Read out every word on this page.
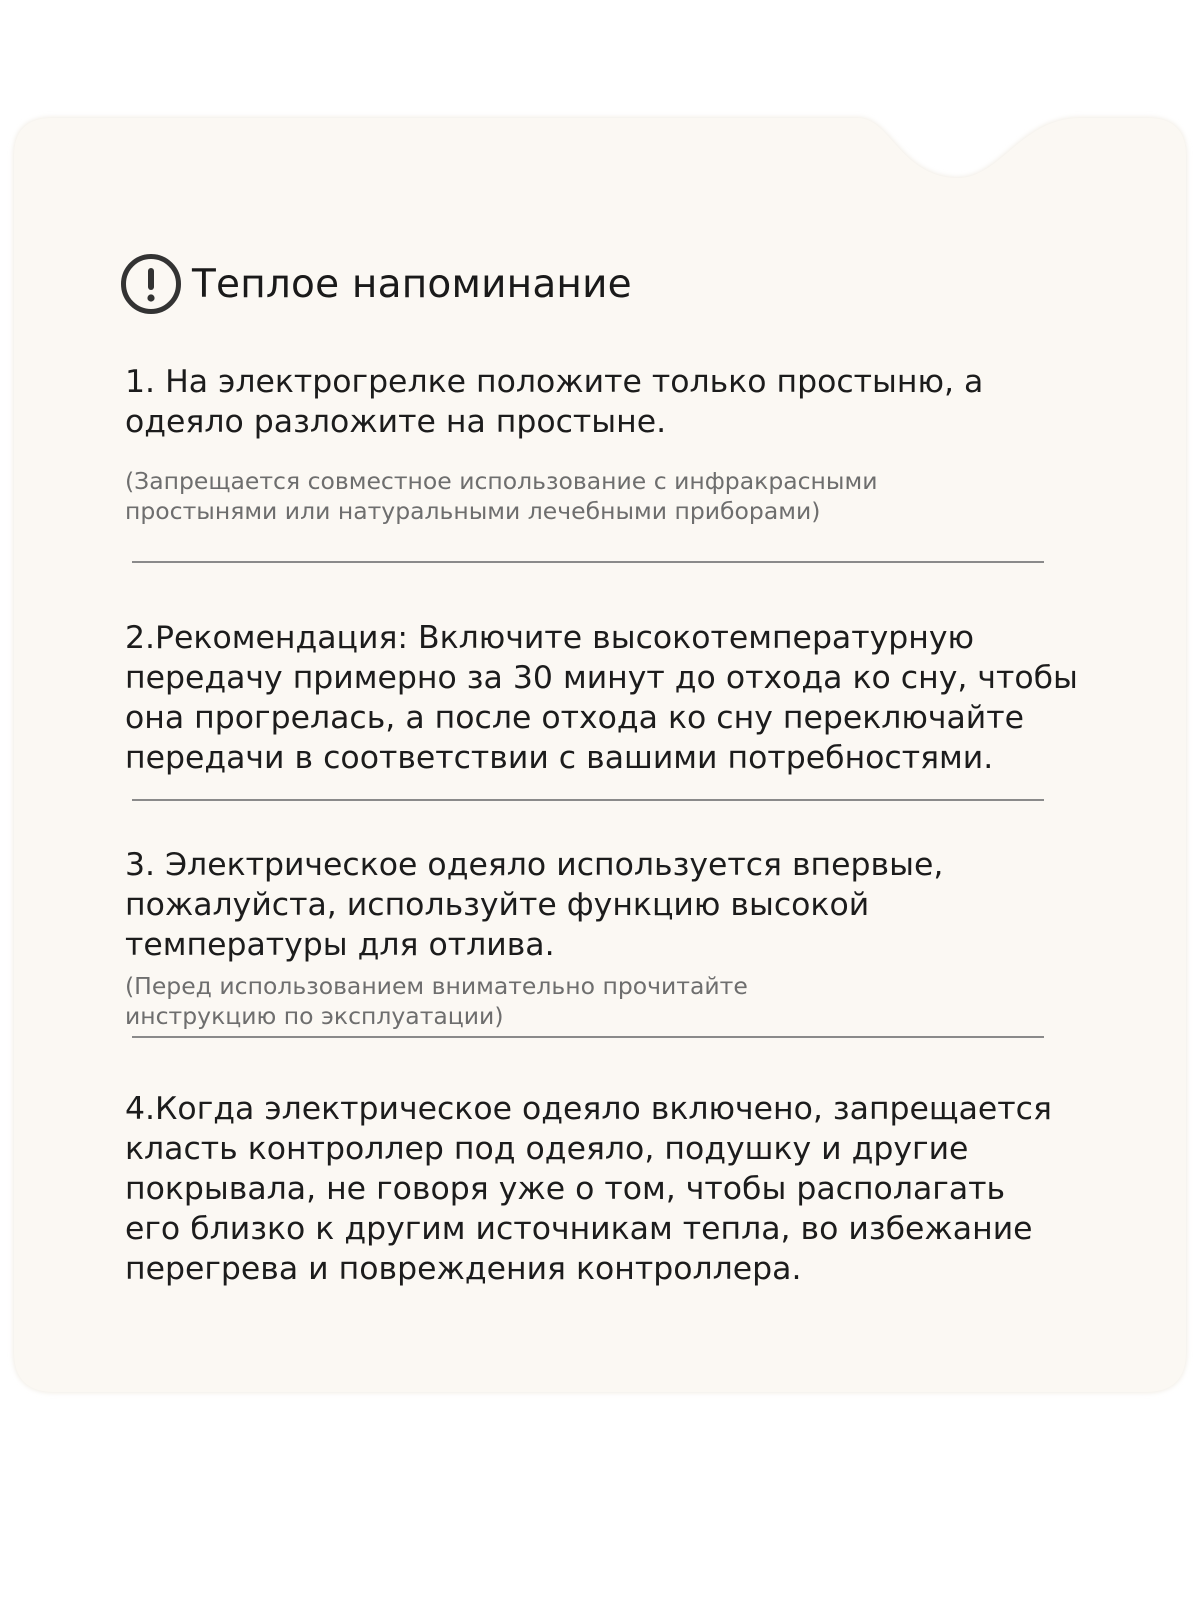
Теплое напоминание
1. На электрогрелке положите только простыню, а
одеяло разложите на простыне.
(Запрещается совместное использование с инфракрасными
простынями или натуральными лечебными приборами)
2.Рекомендация: Включите высокотемпературную
передачу примерно за 30 минут до отхода ко сну, чтобы
она прогрелась, а после отхода ко сну переключайте
передачи в соответствии с вашими потребностями.
3. Электрическое одеяло используется впервые,
пожалуйста, используйте функцию высокой
температуры для отлива.
(Перед использованием внимательно прочитайте
инструкцию по эксплуатации)
4.Когда электрическое одеяло включено, запрещается
класть контроллер под одеяло, подушку и другие
покрывала, не говоря уже о том, чтобы располагать
его близко к другим источникам тепла, во избежание
перегрева и повреждения контроллера.
